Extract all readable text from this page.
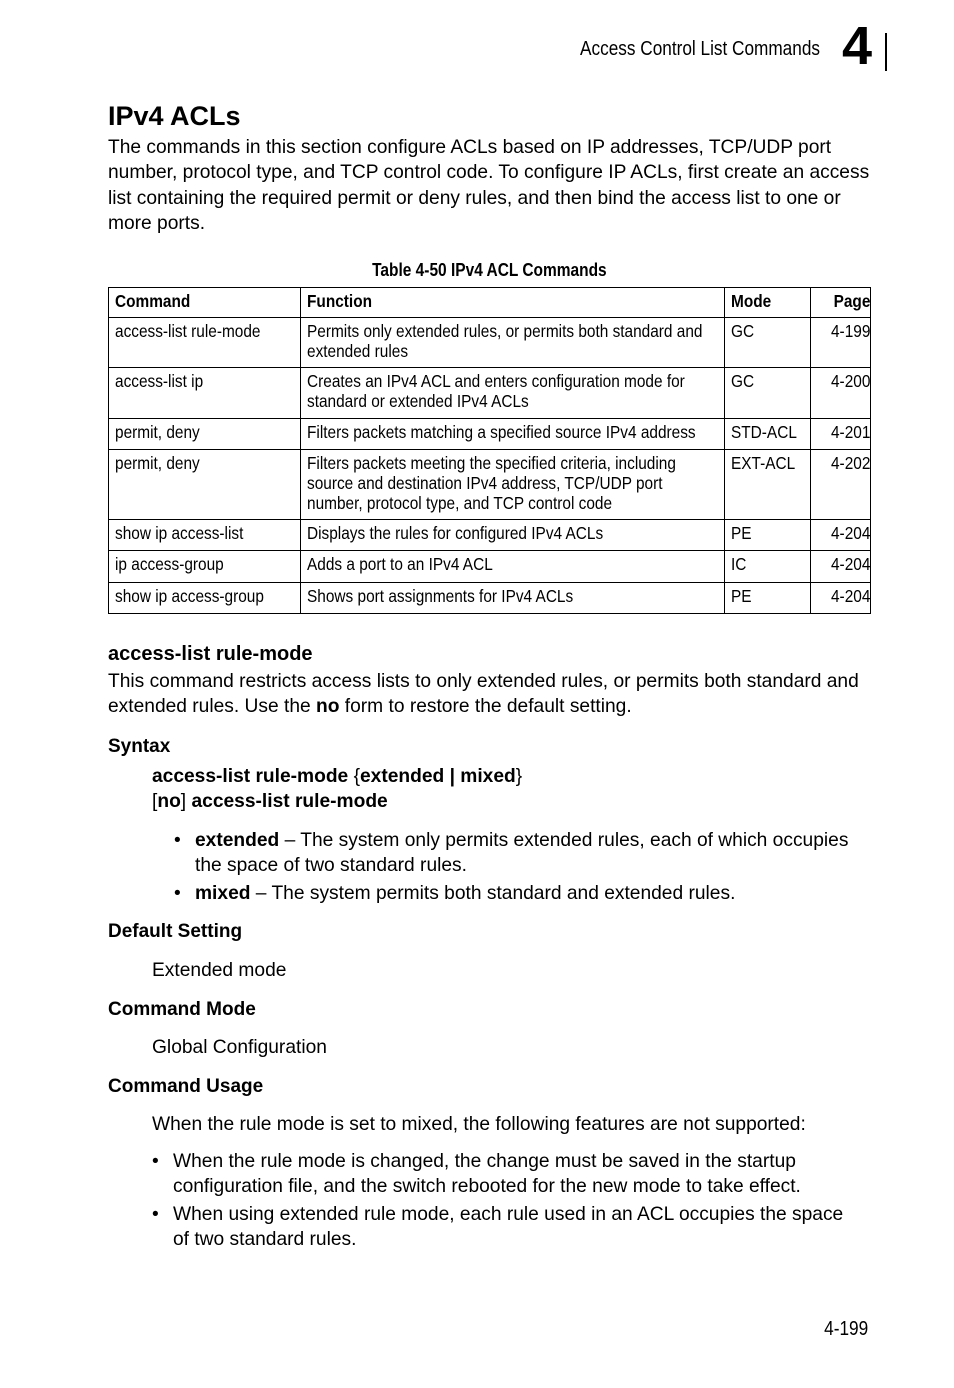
Access Control List Commands 4
IPv4 ACLs

The commands in this section configure ACLs based on IP addresses, TCP/UDP port number, protocol type, and TCP control code. To configure IP ACLs, first create an access list containing the required permit or deny rules, and then bind the access list to one or more ports.

Table 4-50 IPv4 ACL Commands
Command	Function	Mode	Page
access-list rule-mode	Permits only extended rules, or permits both standard and extended rules	GC	4-199
access-list ip	Creates an IPv4 ACL and enters configuration mode for standard or extended IPv4 ACLs	GC	4-200
permit, deny	Filters packets matching a specified source IPv4 address	STD-ACL	4-201
permit, deny	Filters packets meeting the specified criteria, including source and destination IPv4 address, TCP/UDP port number, protocol type, and TCP control code	EXT-ACL	4-202
show ip access-list	Displays the rules for configured IPv4 ACLs	PE	4-204
ip access-group	Adds a port to an IPv4 ACL	IC	4-204
show ip access-group	Shows port assignments for IPv4 ACLs	PE	4-204
access-list rule-mode

This command restricts access lists to only extended rules, or permits both standard and extended rules. Use the no form to restore the default setting.

Syntax
access-list rule-mode {extended | mixed}
[no] access-list rule-mode
• extended – The system only permits extended rules, each of which occupies the space of two standard rules.
• mixed – The system permits both standard and extended rules.
Default Setting
Extended mode
Command Mode
Global Configuration
Command Usage
When the rule mode is set to mixed, the following features are not supported:
• When the rule mode is changed, the change must be saved in the startup configuration file, and the switch rebooted for the new mode to take effect.
• When using extended rule mode, each rule used in an ACL occupies the space of two standard rules.
4-199
